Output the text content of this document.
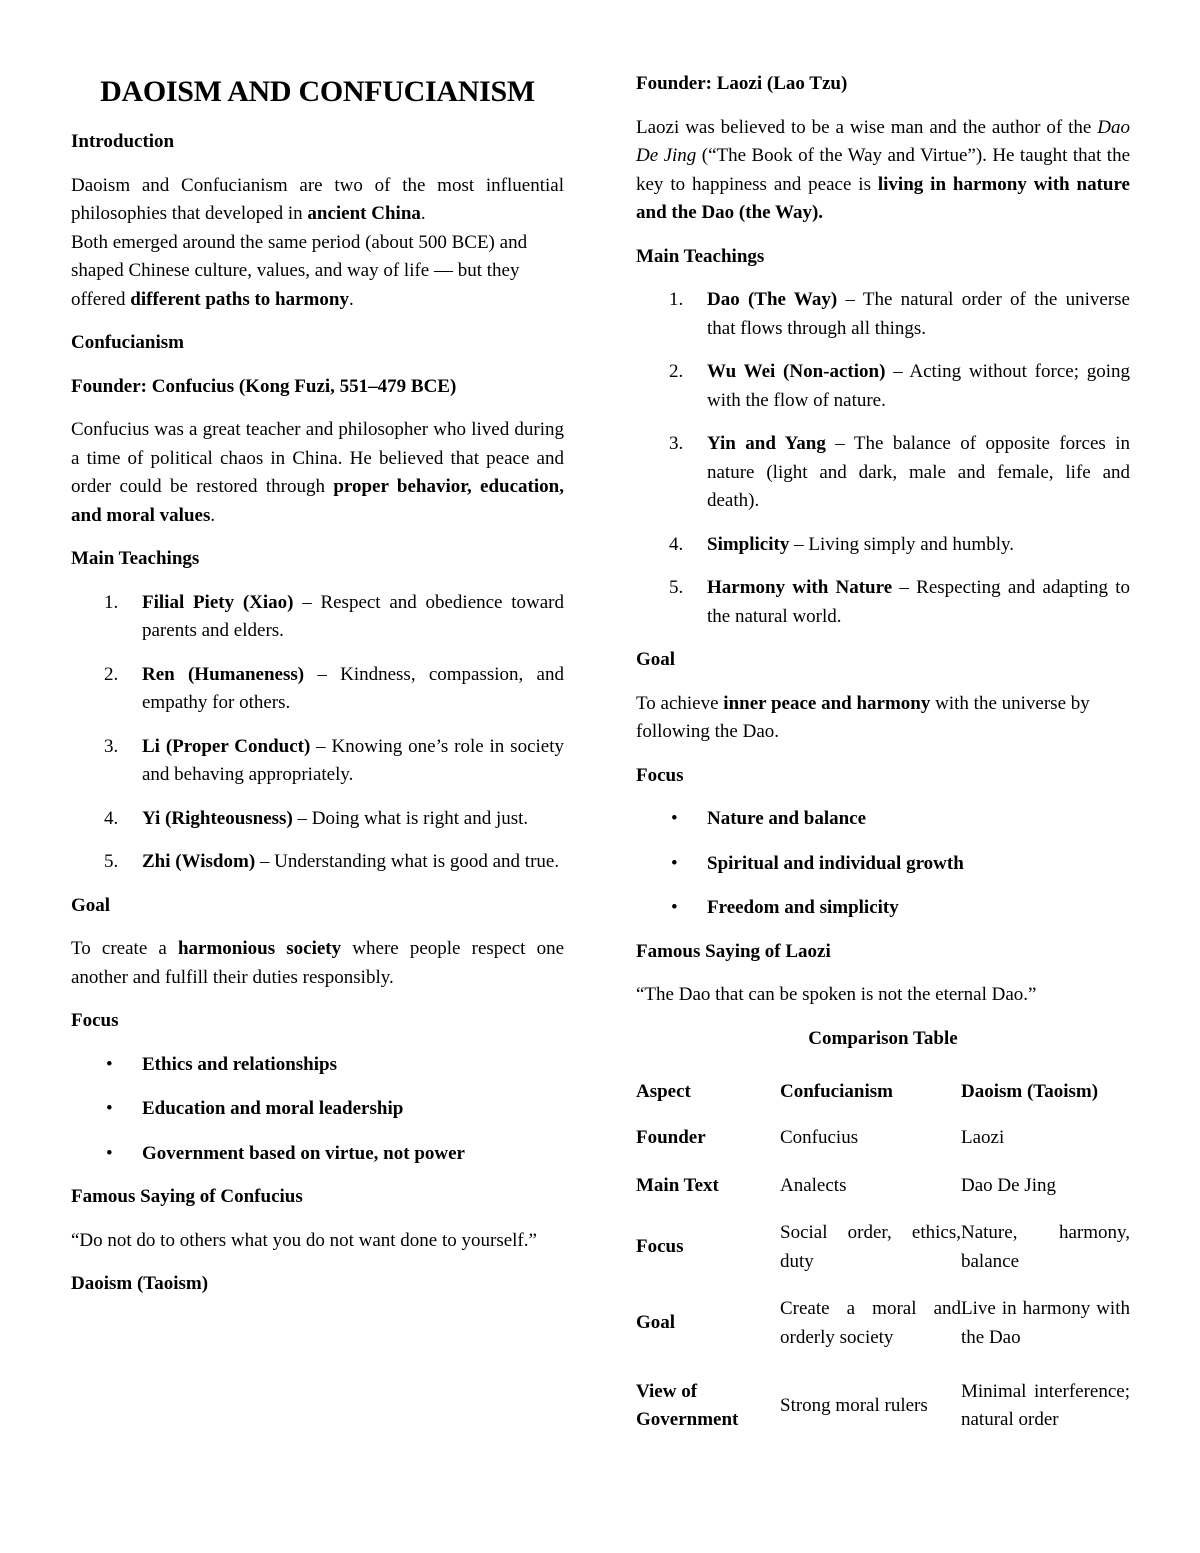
DAOISM AND CONFUCIANISM
Introduction

Daoism and Confucianism are two of the most influential philosophies that developed in ancient China.

Both emerged around the same period (about 500 BCE) and shaped Chinese culture, values, and way of life — but they offered different paths to harmony.

Confucianism
Founder: Confucius (Kong Fuzi, 551–479 BCE)

Confucius was a great teacher and philosopher who lived during a time of political chaos in China. He believed that peace and order could be restored through proper behavior, education, and moral values.

Main Teachings
1. Filial Piety (Xiao) – Respect and obedience toward parents and elders.
2. Ren (Humaneness) – Kindness, compassion, and empathy for others.
3. Li (Proper Conduct) – Knowing one’s role in society and behaving appropriately.
4. Yi (Righteousness) – Doing what is right and just.
5. Zhi (Wisdom) – Understanding what is good and true.
Goal

To create a harmonious society where people respect one another and fulfill their duties responsibly.

Focus
• Ethics and relationships
• Education and moral leadership
• Government based on virtue, not power
Famous Saying of Confucius

“Do not do to others what you do not want done to yourself.”

Daoism (Taoism)
Founder: Laozi (Lao Tzu)

Laozi was believed to be a wise man and the author of the Dao De Jing (“The Book of the Way and Virtue”). He taught that the key to happiness and peace is living in harmony with nature and the Dao (the Way).

Main Teachings
1. Dao (The Way) – The natural order of the universe that flows through all things.
2. Wu Wei (Non-action) – Acting without force; going with the flow of nature.
3. Yin and Yang – The balance of opposite forces in nature (light and dark, male and female, life and death).
4. Simplicity – Living simply and humbly.
5. Harmony with Nature – Respecting and adapting to the natural world.
Goal

To achieve inner peace and harmony with the universe by following the Dao.

Focus
• Nature and balance
• Spiritual and individual growth
• Freedom and simplicity
Famous Saying of Laozi

“The Dao that can be spoken is not the eternal Dao.”

Comparison Table
Aspect	Confucianism	Daoism (Taoism)
Founder	Confucius	Laozi
Main Text	Analects	Dao De Jing
Focus	Social order, ethics, duty	Nature, harmony, balance
Goal	Create a moral and orderly society	Live in harmony with the Dao
View of Government	Strong moral rulers	Minimal interference; natural order
